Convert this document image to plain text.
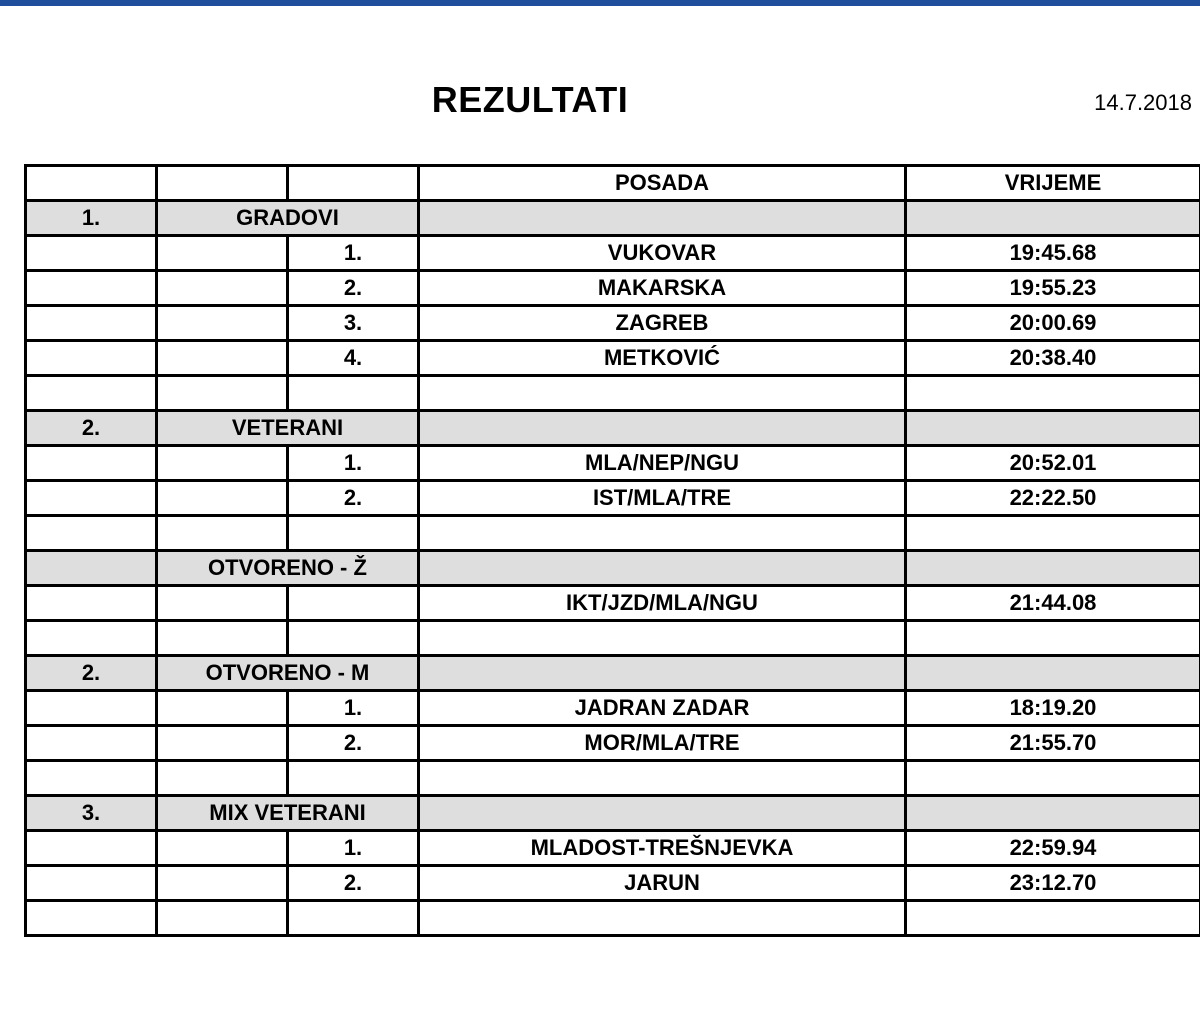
REZULTATI	14.7.2018
			POSADA	VRIJEME
1.	GRADOVI			
		1.	VUKOVAR	19:45.68
		2.	MAKARSKA	19:55.23
		3.	ZAGREB	20:00.69
		4.	METKOVIĆ	20:38.40

2.	VETERANI			
		1.	MLA/NEP/NGU	20:52.01
		2.	IST/MLA/TRE	22:22.50

	OTVORENO - Ž			
			IKT/JZD/MLA/NGU	21:44.08

2.	OTVORENO - M			
		1.	JADRAN ZADAR	18:19.20
		2.	MOR/MLA/TRE	21:55.70

3.	MIX VETERANI			
		1.	MLADOST-TREŠNJEVKA	22:59.94
		2.	JARUN	23:12.70
